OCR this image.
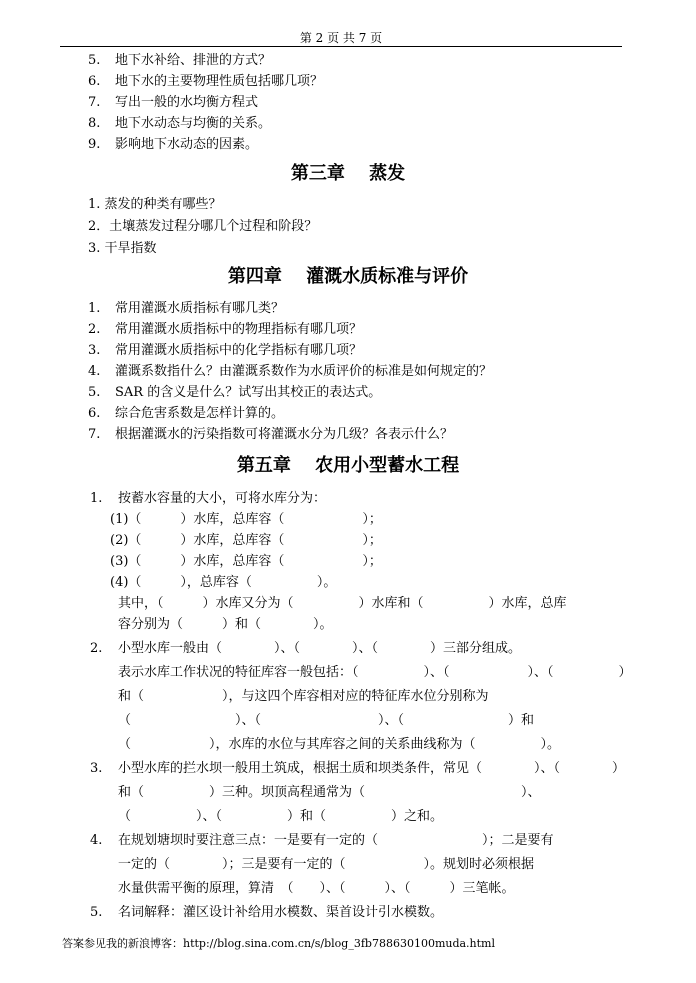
第 2 页 共 7 页
5. 地下水补给、排泄的方式？
6. 地下水的主要物理性质包括哪几项？
7. 写出一般的水均衡方程式
8. 地下水动态与均衡的关系。
9. 影响地下水动态的因素。
第三章　 蒸发
1. 蒸发的种类有哪些？
2．土壤蒸发过程分哪几个过程和阶段？
3. 干旱指数
第四章　 灌溉水质标准与评价
1. 常用灌溉水质指标有哪几类？
2. 常用灌溉水质指标中的物理指标有哪几项？
3. 常用灌溉水质指标中的化学指标有哪几项？
4. 灌溉系数指什么？由灌溉系数作为水质评价的标准是如何规定的？
5. SAR 的含义是什么？试写出其校正的表达式。
6. 综合危害系数是怎样计算的。
7. 根据灌溉水的污染指数可将灌溉水分为几级？各表示什么？
第五章　 农用小型蓄水工程
1. 按蓄水容量的大小，可将水库分为：
(1)（　　　）水库，总库容（　　　　　　）；
(2)（　　　）水库，总库容（　　　　　　）；
(3)（　　　）水库，总库容（　　　　　　）；
(4)（　　　），总库容（　　　　　）。
其中，（　　　）水库又分为（　　　　　）水库和（　　　　　）水库，总库
容分别为（　　　）和（　　　　）。
2. 小型水库一般由（　　　　）、（　　　　）、（　　　　）三部分组成。
表示水库工作状况的特征库容一般包括：（　　　　　）、（　　　　　　）、（　　　　　）
和（　　　　　　），与这四个库容相对应的特征库水位分别称为
（　　　　　　　　）、（　　　　　　　　　）、（　　　　　　　　）和
（　　　　　　），水库的水位与其库容之间的关系曲线称为（　　　　　）。
3. 小型水库的拦水坝一般用土筑成，根据土质和坝类条件，常见（　　　　）、（　　　　）
和（　　　　　）三种。坝顶高程通常为（　　　　　　　　　　　　）、
（　　　　　）、（　　　　　）和（　　　　　）之和。
4. 在规划塘坝时要注意三点：一是要有一定的（　　　　　　　　）；二是要有
一定的（　　　　）；三是要有一定的（　　　　　　）。规划时必须根据
水量供需平衡的原理，算清　（　　）、（　　　）、（　　　）三笔帐。
5. 名词解释：灌区设计补给用水模数、渠首设计引水模数。
答案参见我的新浪博客：http://blog.sina.com.cn/s/blog_3fb788630100muda.html
